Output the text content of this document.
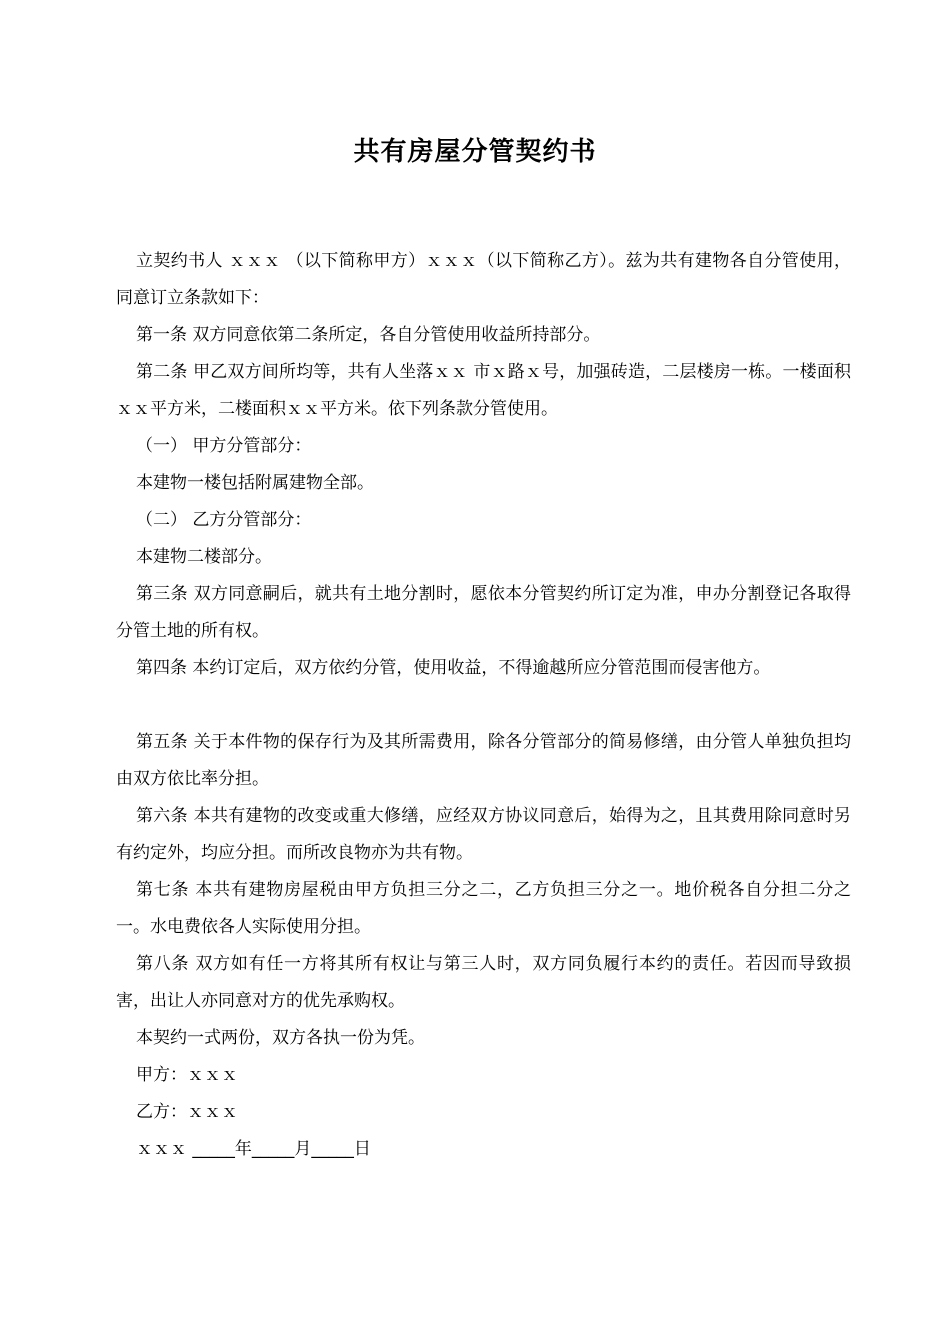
共有房屋分管契约书

立契约书人 ｘｘｘ （以下简称甲方）ｘｘｘ（以下简称乙方）。兹为共有建物各自分管使用，同意订立条款如下：

第一条 双方同意依第二条所定，各自分管使用收益所持部分。

第二条 甲乙双方间所均等，共有人坐落ｘｘ 市ｘ路ｘ号，加强砖造，二层楼房一栋。一楼面积ｘｘ平方米，二楼面积ｘｘ平方米。依下列条款分管使用。

（一） 甲方分管部分：

本建物一楼包括附属建物全部。

（二） 乙方分管部分：

本建物二楼部分。

第三条 双方同意嗣后，就共有土地分割时，愿依本分管契约所订定为准，申办分割登记各取得分管土地的所有权。

第四条 本约订定后，双方依约分管，使用收益，不得逾越所应分管范围而侵害他方。

第五条 关于本件物的保存行为及其所需费用，除各分管部分的简易修缮，由分管人单独负担均由双方依比率分担。

第六条 本共有建物的改变或重大修缮，应经双方协议同意后，始得为之，且其费用除同意时另有约定外，均应分担。而所改良物亦为共有物。

第七条 本共有建物房屋税由甲方负担三分之二，乙方负担三分之一。地价税各自分担二分之一。水电费依各人实际使用分担。

第八条 双方如有任一方将其所有权让与第三人时，双方同负履行本约的责任。若因而导致损害，出让人亦同意对方的优先承购权。

本契约一式两份，双方各执一份为凭。

甲方：ｘｘｘ

乙方：ｘｘｘ

ｘｘｘ _____年_____月_____日
